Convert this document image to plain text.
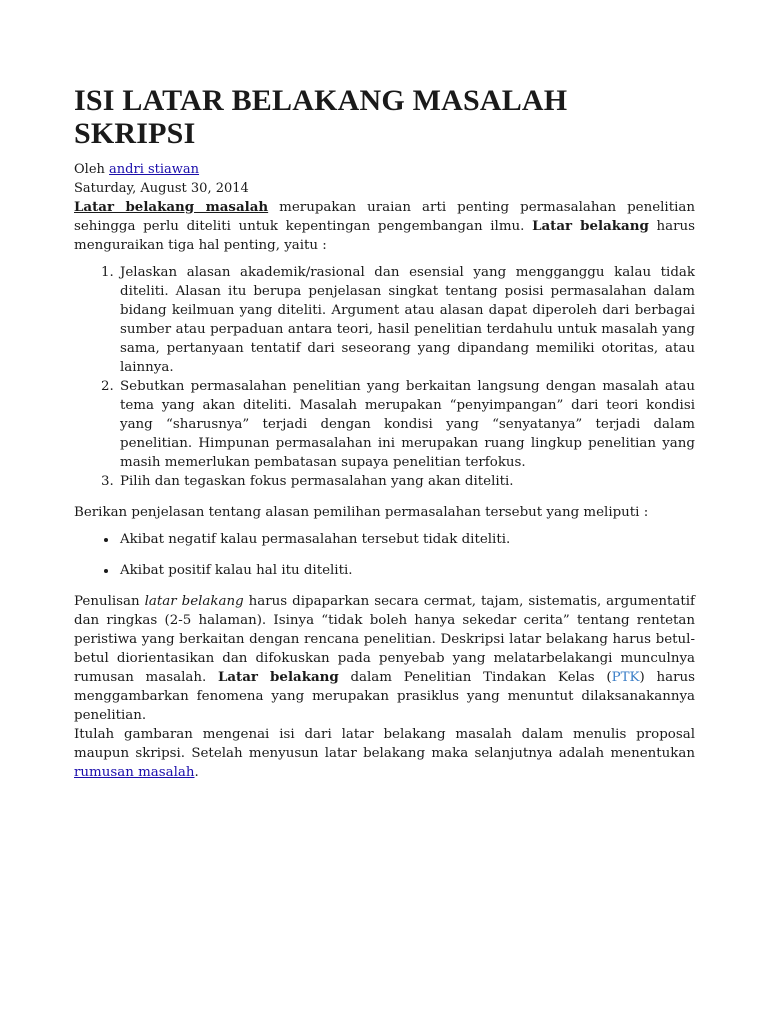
ISI LATAR BELAKANG MASALAH SKRIPSI
Oleh andri stiawan
Saturday, August 30, 2014

Latar belakang masalah merupakan uraian arti penting permasalahan penelitian sehingga perlu diteliti untuk kepentingan pengembangan ilmu. Latar belakang harus menguraikan tiga hal penting, yaitu :

1. Jelaskan alasan akademik/rasional dan esensial yang mengganggu kalau tidak diteliti. Alasan itu berupa penjelasan singkat tentang posisi permasalahan dalam bidang keilmuan yang diteliti. Argument atau alasan dapat diperoleh dari berbagai sumber atau perpaduan antara teori, hasil penelitian terdahulu untuk masalah yang sama, pertanyaan tentatif dari seseorang yang dipandang memiliki otoritas, atau lainnya.
2. Sebutkan permasalahan penelitian yang berkaitan langsung dengan masalah atau tema yang akan diteliti. Masalah merupakan “penyimpangan” dari teori kondisi yang “sharusnya” terjadi dengan kondisi yang “senyatanya” terjadi dalam penelitian. Himpunan permasalahan ini merupakan ruang lingkup penelitian yang masih memerlukan pembatasan supaya penelitian terfokus.
3. Pilih dan tegaskan fokus permasalahan yang akan diteliti.

Berikan penjelasan tentang alasan pemilihan permasalahan tersebut yang meliputi :

• Akibat negatif kalau permasalahan tersebut tidak diteliti.
• Akibat positif kalau hal itu diteliti.

Penulisan latar belakang harus dipaparkan secara cermat, tajam, sistematis, argumentatif dan ringkas (2-5 halaman). Isinya “tidak boleh hanya sekedar cerita” tentang rentetan peristiwa yang berkaitan dengan rencana penelitian. Deskripsi latar belakang harus betul-betul diorientasikan dan difokuskan pada penyebab yang melatarbelakangi munculnya rumusan masalah. Latar belakang dalam Penelitian Tindakan Kelas (PTK) harus menggambarkan fenomena yang merupakan prasiklus yang menuntut dilaksanakannya penelitian.

Itulah gambaran mengenai isi dari latar belakang masalah dalam menulis proposal maupun skripsi. Setelah menyusun latar belakang maka selanjutnya adalah menentukan rumusan masalah.
